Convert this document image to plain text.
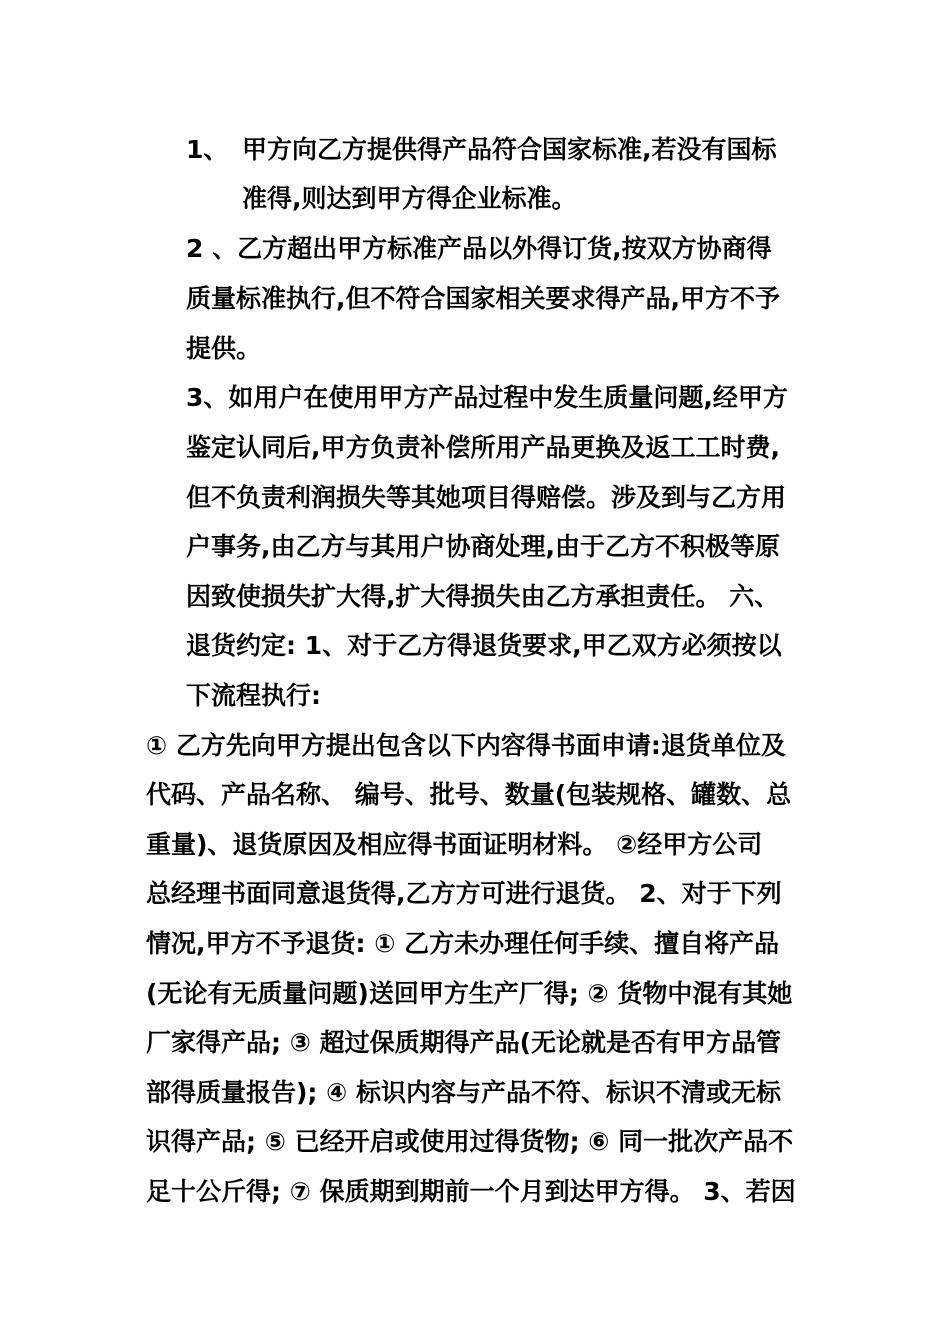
1、 甲方向乙方提供得产品符合国家标准,若没有国标
准得,则达到甲方得企业标准。
2 、乙方超出甲方标准产品以外得订货,按双方协商得
质量标准执行,但不符合国家相关要求得产品,甲方不予
提供。
3、如用户在使用甲方产品过程中发生质量问题,经甲方
鉴定认同后,甲方负责补偿所用产品更换及返工工时费,
但不负责利润损失等其她项目得赔偿。涉及到与乙方用
户事务,由乙方与其用户协商处理,由于乙方不积极等原
因致使损失扩大得,扩大得损失由乙方承担责任。 六、
退货约定: 1、对于乙方得退货要求,甲乙双方必须按以
下流程执行:
① 乙方先向甲方提出包含以下内容得书面申请:退货单位及
代码、产品名称、 编号、批号、数量(包装规格、罐数、总
重量)、退货原因及相应得书面证明材料。 ②经甲方公司
总经理书面同意退货得,乙方方可进行退货。 2、对于下列
情况,甲方不予退货: ① 乙方未办理任何手续、擅自将产品
(无论有无质量问题)送回甲方生产厂得; ② 货物中混有其她
厂家得产品; ③ 超过保质期得产品(无论就是否有甲方品管
部得质量报告); ④ 标识内容与产品不符、标识不清或无标
识得产品; ⑤ 已经开启或使用过得货物; ⑥ 同一批次产品不
足十公斤得; ⑦ 保质期到期前一个月到达甲方得。 3、若因
